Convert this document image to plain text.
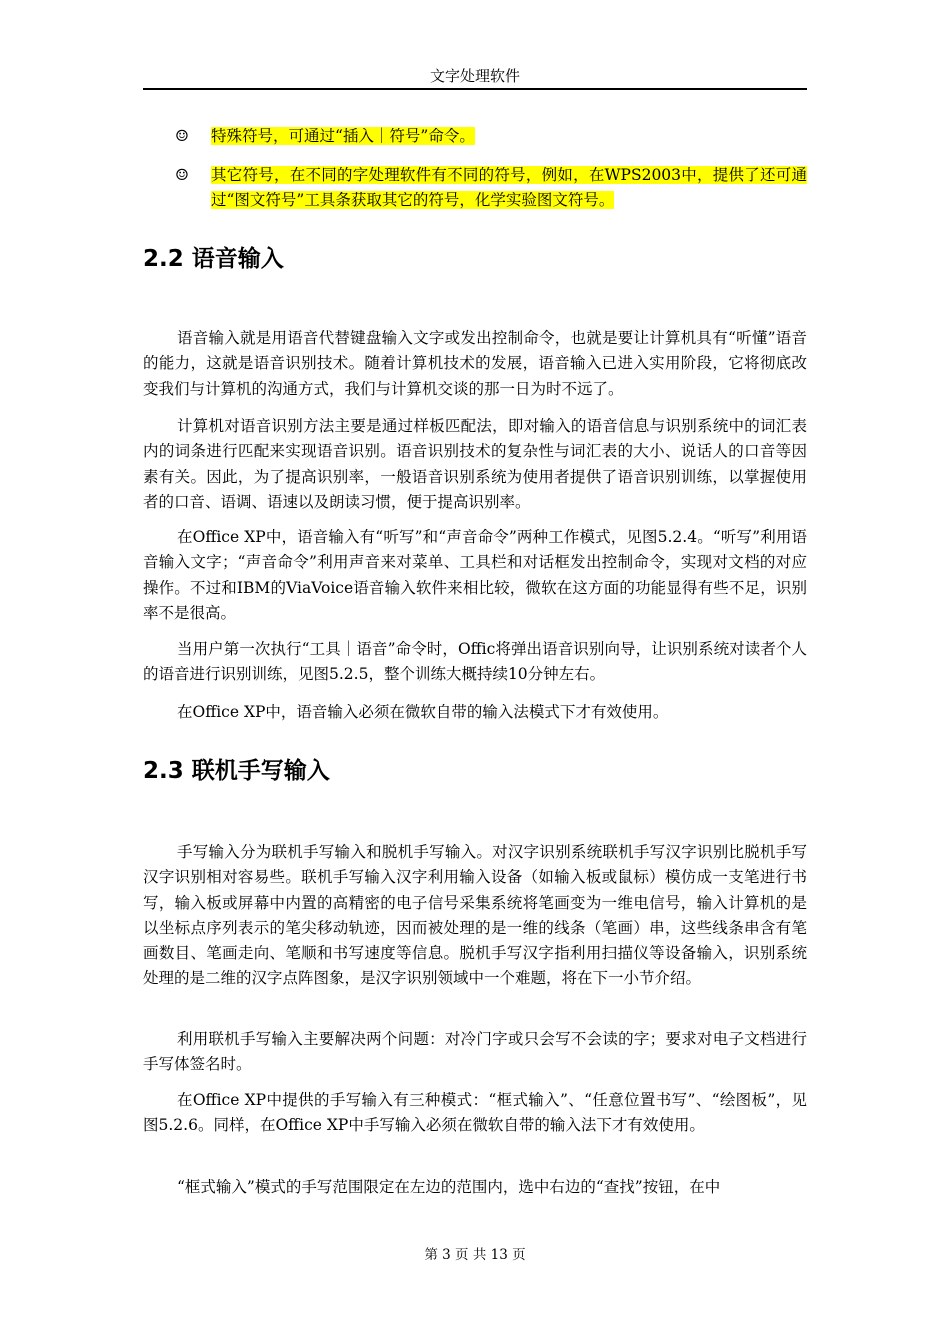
文字处理软件
☺	特殊符号，可通过“插入｜符号”命令。
☺	其它符号，在不同的字处理软件有不同的符号，例如，在WPS2003中，提供了还可通过“图文符号”工具条获取其它的符号，化学实验图文符号。
2.2 语音输入

语音输入就是用语音代替键盘输入文字或发出控制命令，也就是要让计算机具有“听懂”语音的能力，这就是语音识别技术。随着计算机技术的发展，语音输入已进入实用阶段，它将彻底改变我们与计算机的沟通方式，我们与计算机交谈的那一日为时不远了。

计算机对语音识别方法主要是通过样板匹配法，即对输入的语音信息与识别系统中的词汇表内的词条进行匹配来实现语音识别。语音识别技术的复杂性与词汇表的大小、说话人的口音等因素有关。因此，为了提高识别率，一般语音识别系统为使用者提供了语音识别训练，以掌握使用者的口音、语调、语速以及朗读习惯，便于提高识别率。

在Office XP中，语音输入有“听写”和“声音命令”两种工作模式，见图5.2.4。“听写”利用语音输入文字；“声音命令”利用声音来对菜单、工具栏和对话框发出控制命令，实现对文档的对应操作。不过和IBM的ViaVoice语音输入软件来相比较，微软在这方面的功能显得有些不足，识别率不是很高。

当用户第一次执行“工具｜语音”命令时，Offic将弹出语音识别向导，让识别系统对读者个人的语音进行识别训练，见图5.2.5，整个训练大概持续10分钟左右。

在Office XP中，语音输入必须在微软自带的输入法模式下才有效使用。

2.3 联机手写输入

手写输入分为联机手写输入和脱机手写输入。对汉字识别系统联机手写汉字识别比脱机手写汉字识别相对容易些。联机手写输入汉字利用输入设备（如输入板或鼠标）模仿成一支笔进行书写，输入板或屏幕中内置的高精密的电子信号采集系统将笔画变为一维电信号，输入计算机的是以坐标点序列表示的笔尖移动轨迹，因而被处理的是一维的线条（笔画）串，这些线条串含有笔画数目、笔画走向、笔顺和书写速度等信息。脱机手写汉字指利用扫描仪等设备输入，识别系统处理的是二维的汉字点阵图象，是汉字识别领域中一个难题，将在下一小节介绍。

利用联机手写输入主要解决两个问题：对冷门字或只会写不会读的字；要求对电子文档进行手写体签名时。

在Office XP中提供的手写输入有三种模式：“框式输入”、“任意位置书写”、“绘图板”，见图5.2.6。同样，在Office XP中手写输入必须在微软自带的输入法下才有效使用。

“框式输入”模式的手写范围限定在左边的范围内，选中右边的“查找”按钮，在中

第 3 页 共 13 页
